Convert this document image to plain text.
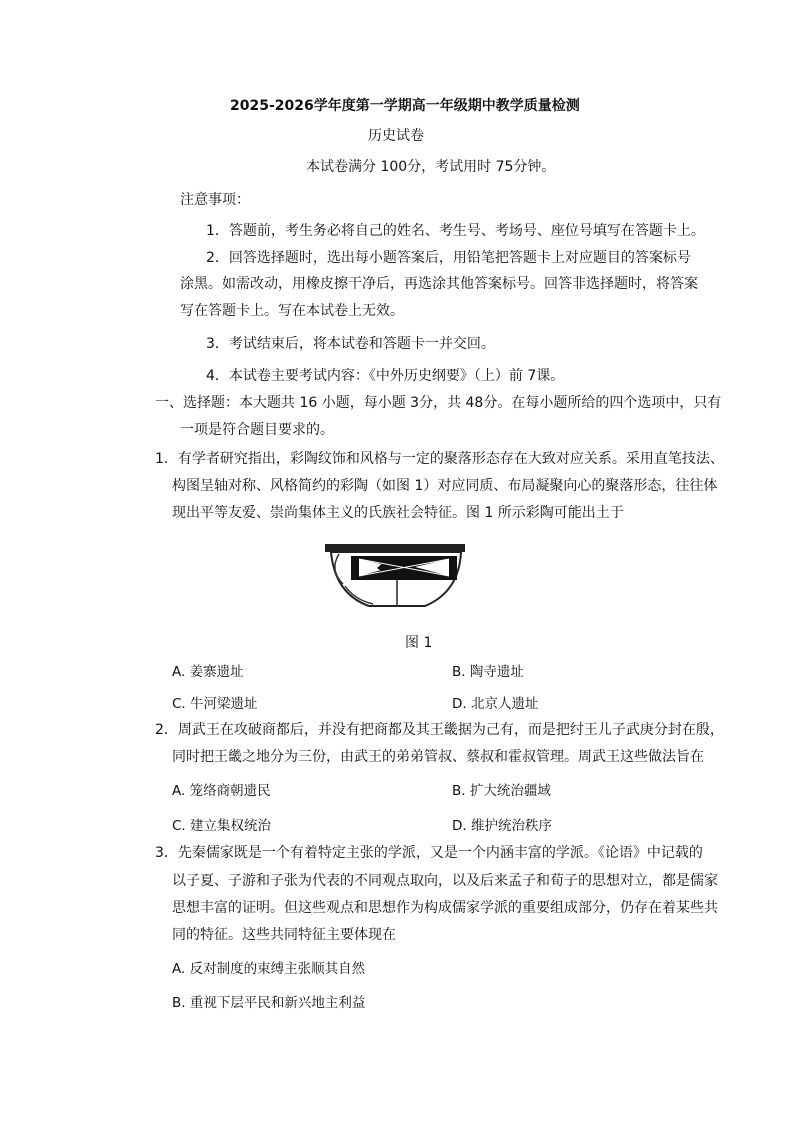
2025-2026学年度第一学期高一年级期中教学质量检测
历史试卷
本试卷满分 100分，考试用时 75分钟。
注意事项：
1．答题前，考生务必将自己的姓名、考生号、考场号、座位号填写在答题卡上。
2．回答选择题时，选出每小题答案后，用铅笔把答题卡上对应题目的答案标号
涂黑。如需改动，用橡皮擦干净后，再选涂其他答案标号。回答非选择题时，将答案
写在答题卡上。写在本试卷上无效。
3．考试结束后，将本试卷和答题卡一并交回。
4．本试卷主要考试内容：《中外历史纲要》（上）前 7课。
一、选择题：本大题共 16 小题，每小题 3分，共 48分。在每小题所给的四个选项中，只有
一项是符合题目要求的。
1．有学者研究指出，彩陶纹饰和风格与一定的聚落形态存在大致对应关系。采用直笔技法、
构图呈轴对称、风格简约的彩陶（如图 1）对应同质、布局凝聚向心的聚落形态，往往体
现出平等友爱、崇尚集体主义的氏族社会特征。图 1 所示彩陶可能出土于
图 1
A. 姜寨遗址	B. 陶寺遗址
C. 牛河梁遗址	D. 北京人遗址
2．周武王在攻破商都后，并没有把商都及其王畿据为己有，而是把纣王儿子武庚分封在殷，
同时把王畿之地分为三份，由武王的弟弟管叔、蔡叔和霍叔管理。周武王这些做法旨在
A. 笼络商朝遗民	B. 扩大统治疆域
C. 建立集权统治	D. 维护统治秩序
3．先秦儒家既是一个有着特定主张的学派，又是一个内涵丰富的学派。《论语》中记载的
以子夏、子游和子张为代表的不同观点取向，以及后来孟子和荀子的思想对立，都是儒家
思想丰富的证明。但这些观点和思想作为构成儒家学派的重要组成部分，仍存在着某些共
同的特征。这些共同特征主要体现在
A. 反对制度的束缚主张顺其自然
B. 重视下层平民和新兴地主利益
